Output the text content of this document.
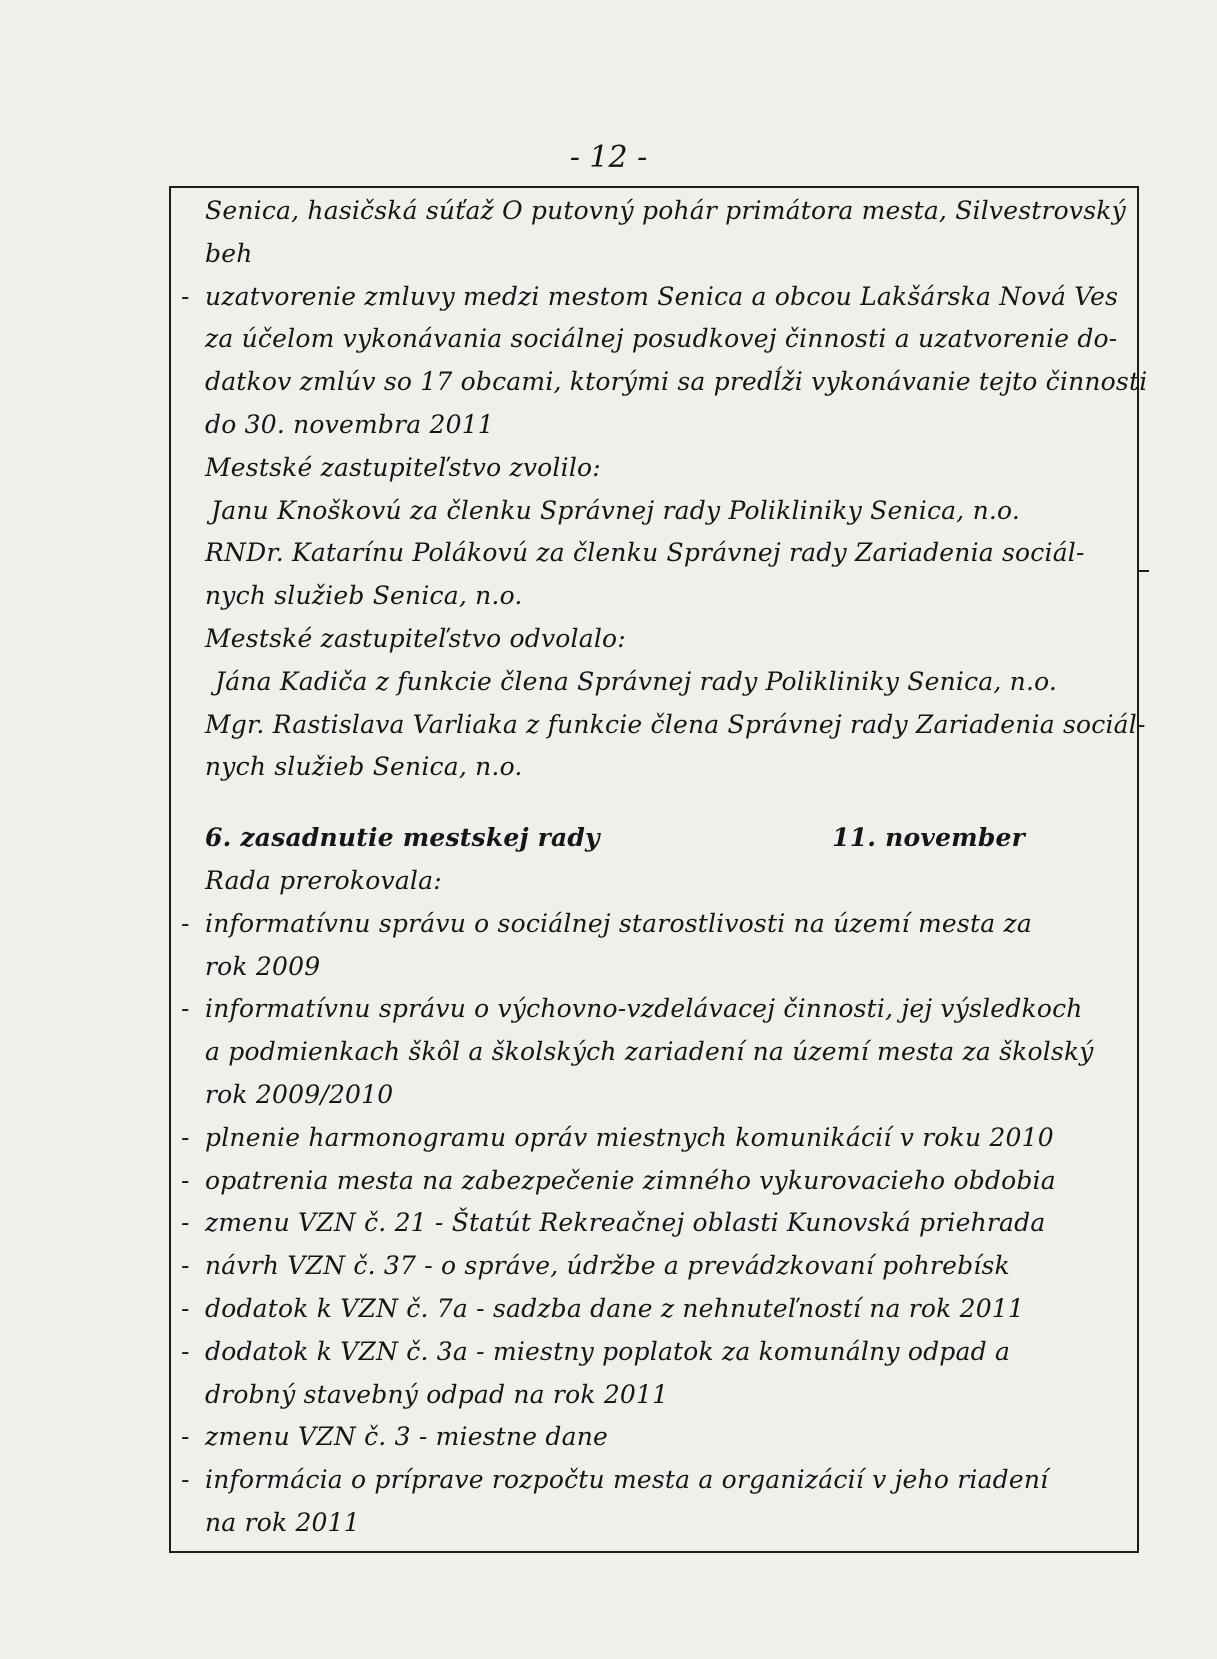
- 12 -
Senica, hasičská súťaž O putovný pohár primátora mesta, Silvestrovský
beh
- uzatvorenie zmluvy medzi mestom Senica a obcou Lakšárska Nová Ves
za účelom vykonávania sociálnej posudkovej činnosti a uzatvorenie do-
datkov zmlúv so 17 obcami, ktorými sa predĺži vykonávanie tejto činnosti
do 30. novembra 2011
Mestské zastupiteľstvo zvolilo:
Janu Knoškovú za členku Správnej rady Polikliniky Senica, n.o.
RNDr. Katarínu Polákovú za členku Správnej rady Zariadenia sociál-
nych služieb Senica, n.o.
Mestské zastupiteľstvo odvolalo:
Jána Kadiča z funkcie člena Správnej rady Polikliniky Senica, n.o.
Mgr. Rastislava Varliaka z funkcie člena Správnej rady Zariadenia sociál-
nych služieb Senica, n.o.
6. zasadnutie mestskej rady	11. november
Rada prerokovala:
- informatívnu správu o sociálnej starostlivosti na území mesta za
rok 2009
- informatívnu správu o výchovno-vzdelávacej činnosti, jej výsledkoch
a podmienkach škôl a školských zariadení na území mesta za školský
rok 2009/2010
- plnenie harmonogramu opráv miestnych komunikácií v roku 2010
- opatrenia mesta na zabezpečenie zimného vykurovacieho obdobia
- zmenu VZN č. 21 - Štatút Rekreačnej oblasti Kunovská priehrada
- návrh VZN č. 37 - o správe, údržbe a prevádzkovaní pohrebísk
- dodatok k VZN č. 7a - sadzba dane z nehnuteľností na rok 2011
- dodatok k VZN č. 3a - miestny poplatok za komunálny odpad a
drobný stavebný odpad na rok 2011
- zmenu VZN č. 3 - miestne dane
- informácia o príprave rozpočtu mesta a organizácií v jeho riadení
na rok 2011
